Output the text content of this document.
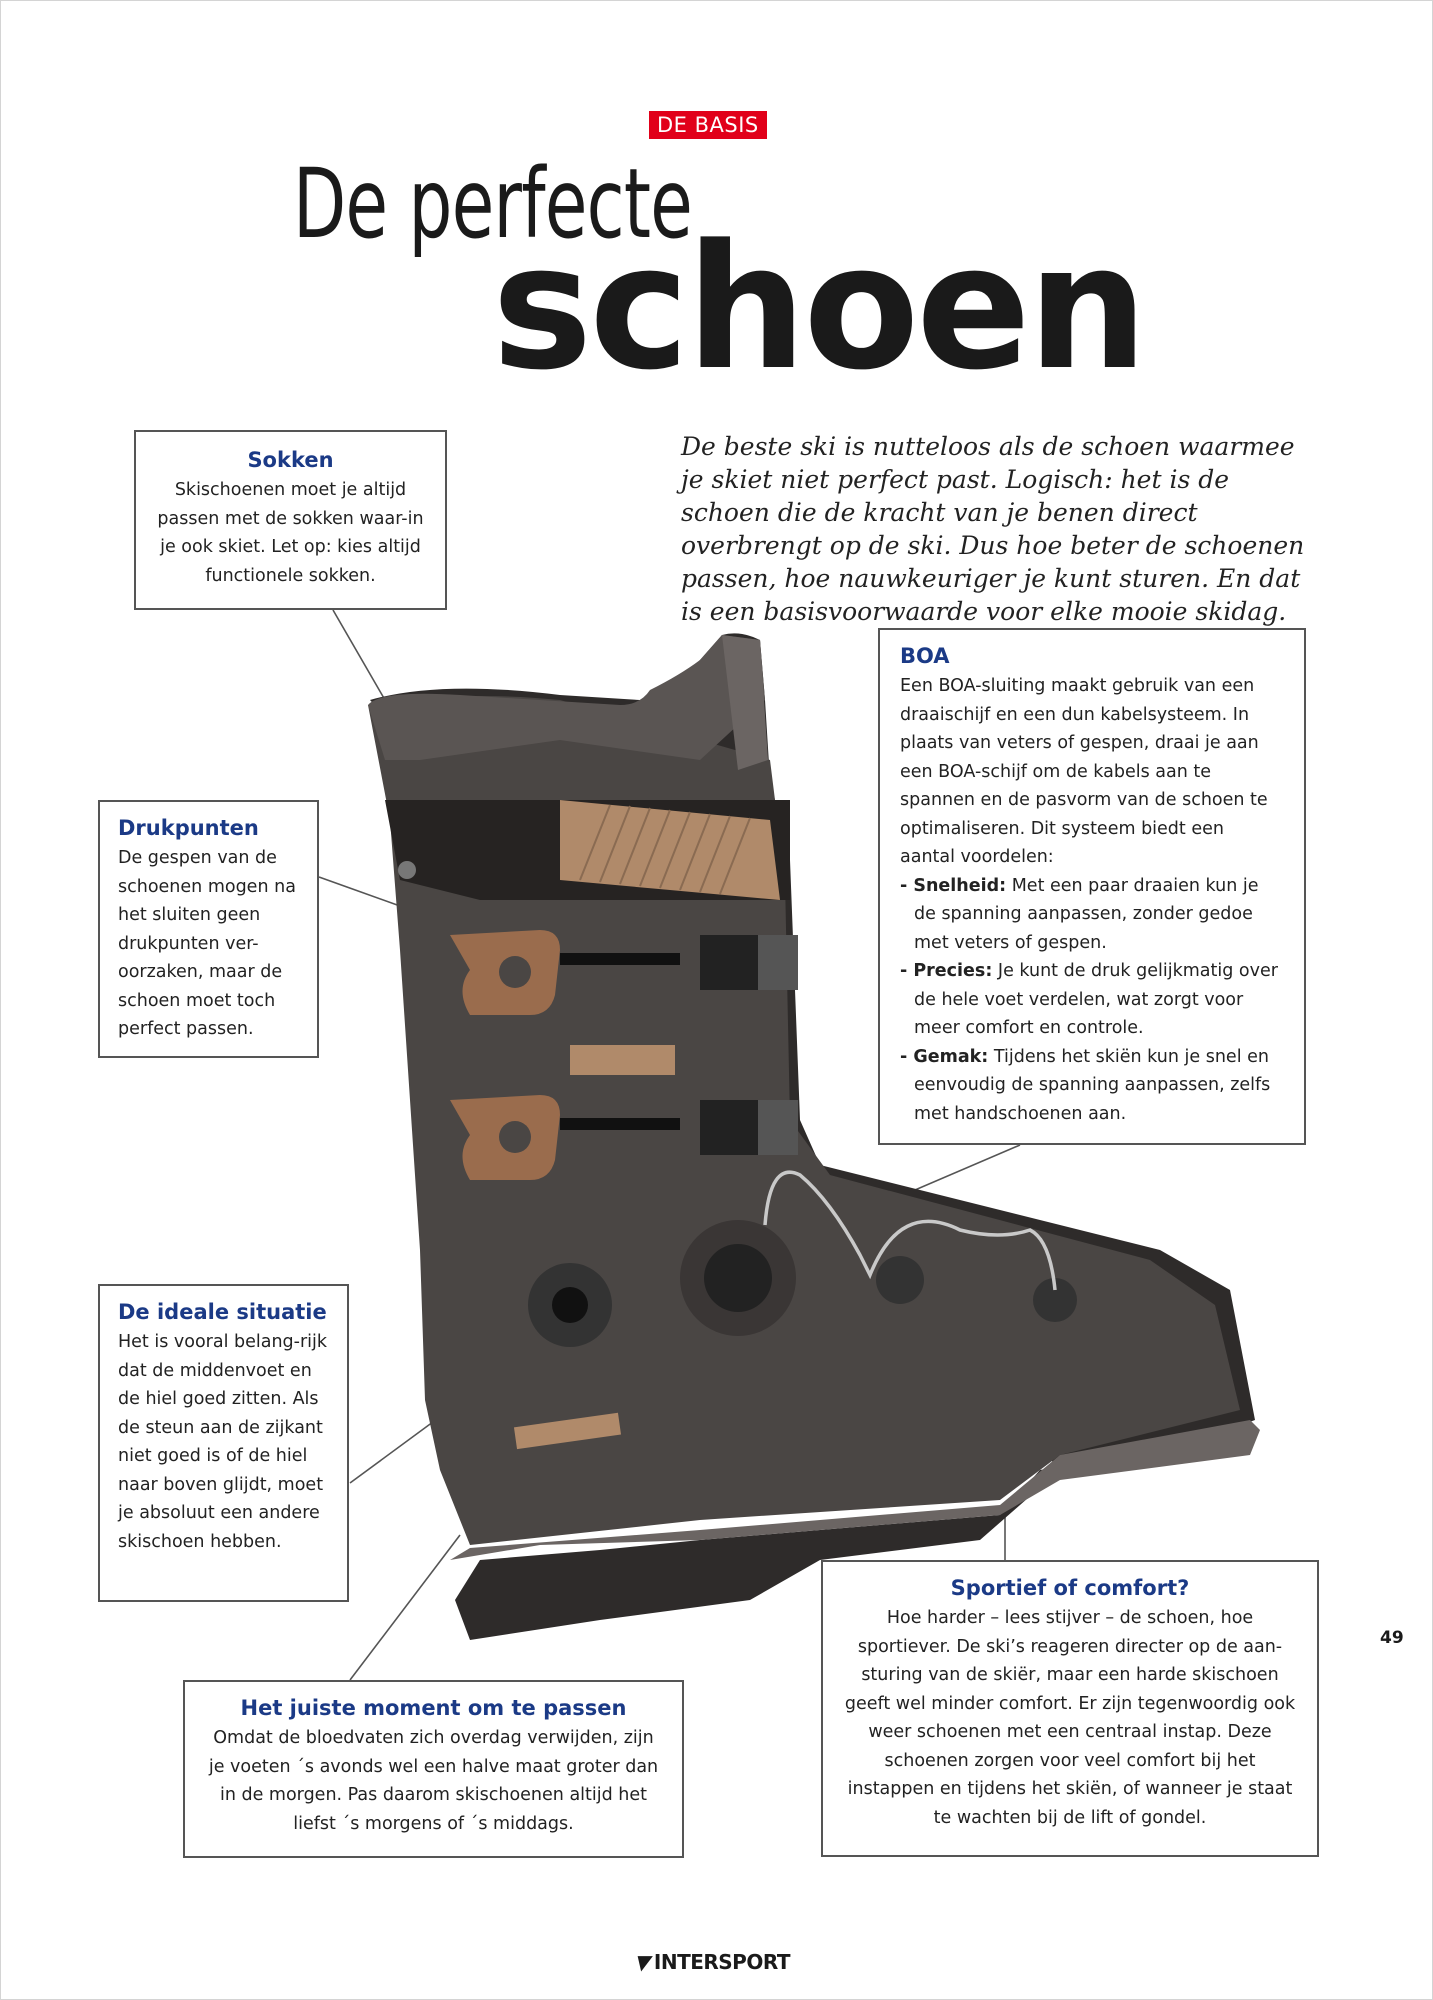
DE BASIS
De perfecte
schoen
De beste ski is nutteloos als de schoen waarmee je skiet niet perfect past. Logisch: het is de schoen die de kracht van je benen direct overbrengt op de ski. Dus hoe beter de schoenen passen, hoe nauwkeuriger je kunt sturen. En dat is een basisvoorwaarde voor elke mooie skidag.
Sokken
Skischoenen moet je altijd passen met de sokken waar-in je ook skiet. Let op: kies altijd functionele sokken.
Drukpunten
De gespen van de schoenen mogen na het sluiten geen drukpunten ver-oorzaken, maar de schoen moet toch perfect passen.
De ideale situatie
Het is vooral belang-rijk dat de middenvoet en de hiel goed zitten. Als de steun aan de zijkant niet goed is of de hiel naar boven glijdt, moet je absoluut een andere skischoen hebben.
Het juiste moment om te passen
Omdat de bloedvaten zich overdag verwijden, zijn je voeten ´s avonds wel een halve maat groter dan in de morgen. Pas daarom skischoenen altijd het liefst ´s morgens of ´s middags.
Sportief of comfort?
Hoe harder – lees stijver – de schoen, hoe sportiever. De ski’s reageren directer op de aan-sturing van de skiër, maar een harde skischoen geeft wel minder comfort. Er zijn tegenwoordig ook weer schoenen met een centraal instap. Deze schoenen zorgen voor veel comfort bij het instappen en tijdens het skiën, of wanneer je staat te wachten bij de lift of gondel.
BOA
Een BOA-sluiting maakt gebruik van een draaischijf en een dun kabelsysteem. In plaats van veters of gespen, draai je aan een BOA-schijf om de kabels aan te spannen en de pasvorm van de schoen te optimaliseren. Dit systeem biedt een aantal voordelen:
- Snelheid: Met een paar draaien kun je de spanning aanpassen, zonder gedoe met veters of gespen.
- Precies: Je kunt de druk gelijkmatig over de hele voet verdelen, wat zorgt voor meer comfort en controle.
- Gemak: Tijdens het skiën kun je snel en eenvoudig de spanning aanpassen, zelfs met handschoenen aan.
49
▼INTERSPORT
